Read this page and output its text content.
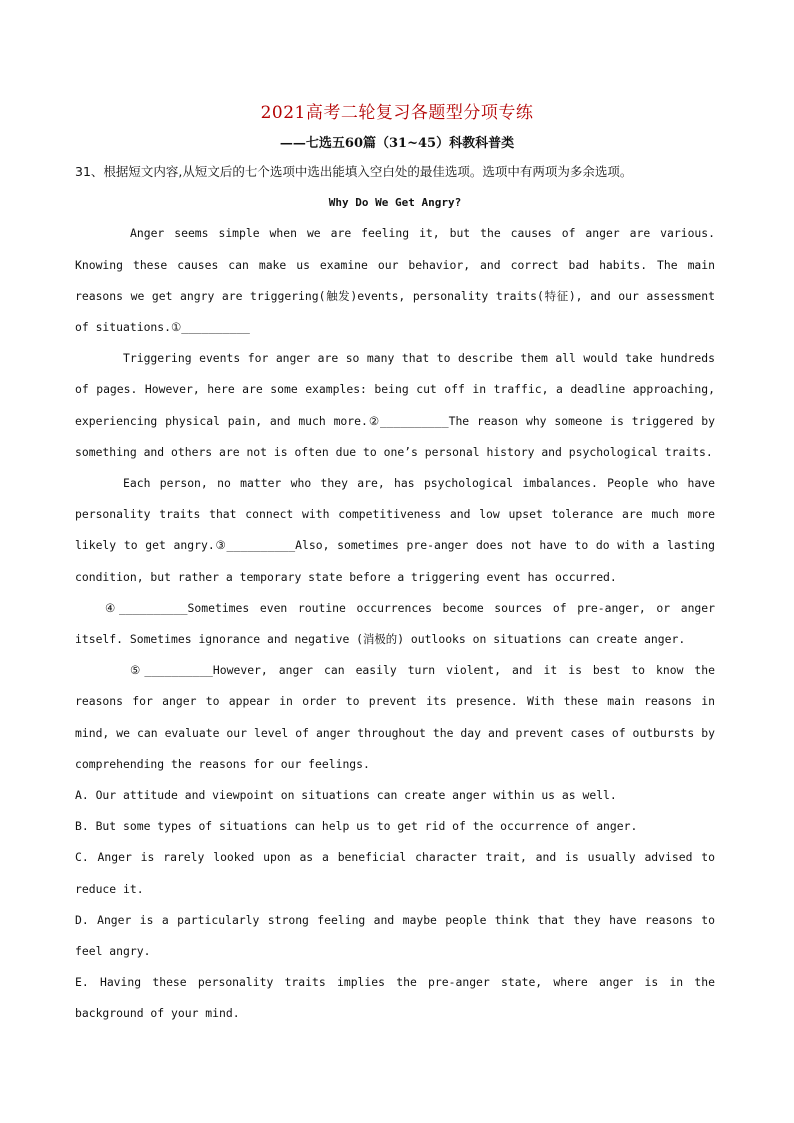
2021高考二轮复习各题型分项专练
——七选五60篇（31~45）科教科普类

31、根据短文内容,从短文后的七个选项中选出能填入空白处的最佳选项。选项中有两项为多余选项。

Why Do We Get Angry?

Anger seems simple when we are feeling it, but the causes of anger are various. Knowing these causes can make us examine our behavior, and correct bad habits. The main reasons we get angry are triggering(触发)events, personality traits(特征), and our assessment of situations.①__________

Triggering events for anger are so many that to describe them all would take hundreds of pages. However, here are some examples: being cut off in traffic, a deadline approaching, experiencing physical pain, and much more.②__________The reason why someone is triggered by something and others are not is often due to one’s personal history and psychological traits.

Each person, no matter who they are, has psychological imbalances. People who have personality traits that connect with competitiveness and low upset tolerance are much more likely to get angry.③__________Also, sometimes pre-anger does not have to do with a lasting condition, but rather a temporary state before a triggering event has occurred.

④__________Sometimes even routine occurrences become sources of pre-anger, or anger itself. Sometimes ignorance and negative (消极的) outlooks on situations can create anger.

⑤__________However, anger can easily turn violent, and it is best to know the reasons for anger to appear in order to prevent its presence. With these main reasons in mind, we can evaluate our level of anger throughout the day and prevent cases of outbursts by comprehending the reasons for our feelings.

A. Our attitude and viewpoint on situations can create anger within us as well.

B. But some types of situations can help us to get rid of the occurrence of anger.

C. Anger is rarely looked upon as a beneficial character trait, and is usually advised to reduce it.

D. Anger is a particularly strong feeling and maybe people think that they have reasons to feel angry.

E. Having these personality traits implies the pre-anger state, where anger is in the background of your mind.
